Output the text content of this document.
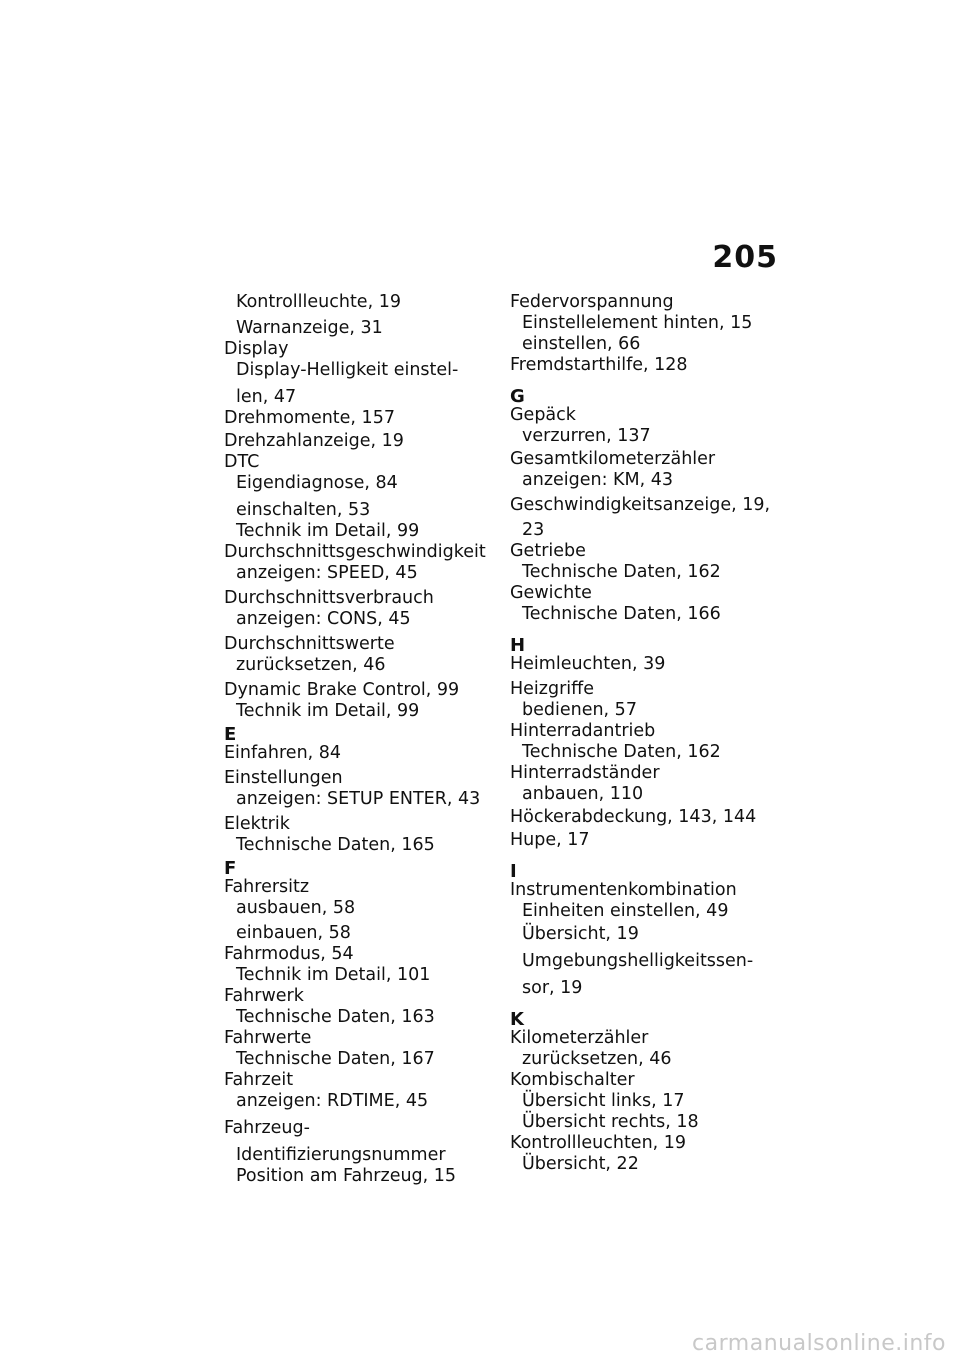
205
Kontrollleuchte, 19
Warnanzeige, 31
Display
Display-Helligkeit einstel-
len, 47
Drehmomente, 157
Drehzahlanzeige, 19
DTC
Eigendiagnose, 84
einschalten, 53
Technik im Detail, 99
Durchschnittsgeschwindigkeit
anzeigen: SPEED, 45
Durchschnittsverbrauch
anzeigen: CONS, 45
Durchschnittswerte
zurücksetzen, 46
Dynamic Brake Control, 99
Technik im Detail, 99
E
Einfahren, 84
Einstellungen
anzeigen: SETUP ENTER, 43
Elektrik
Technische Daten, 165
F
Fahrersitz
ausbauen, 58
einbauen, 58
Fahrmodus, 54
Technik im Detail, 101
Fahrwerk
Technische Daten, 163
Fahrwerte
Technische Daten, 167
Fahrzeit
anzeigen: RDTIME, 45
Fahrzeug-
Identifizierungsnummer
Position am Fahrzeug, 15
Federvorspannung
Einstellelement hinten, 15
einstellen, 66
Fremdstarthilfe, 128
G
Gepäck
verzurren, 137
Gesamtkilometerzähler
anzeigen: KM, 43
Geschwindigkeitsanzeige, 19,
23
Getriebe
Technische Daten, 162
Gewichte
Technische Daten, 166
H
Heimleuchten, 39
Heizgriffe
bedienen, 57
Hinterradantrieb
Technische Daten, 162
Hinterradständer
anbauen, 110
Höckerabdeckung, 143, 144
Hupe, 17
I
Instrumentenkombination
Einheiten einstellen, 49
Übersicht, 19
Umgebungshelligkeitssen-
sor, 19
K
Kilometerzähler
zurücksetzen, 46
Kombischalter
Übersicht links, 17
Übersicht rechts, 18
Kontrollleuchten, 19
Übersicht, 22
carmanualsonline.info
